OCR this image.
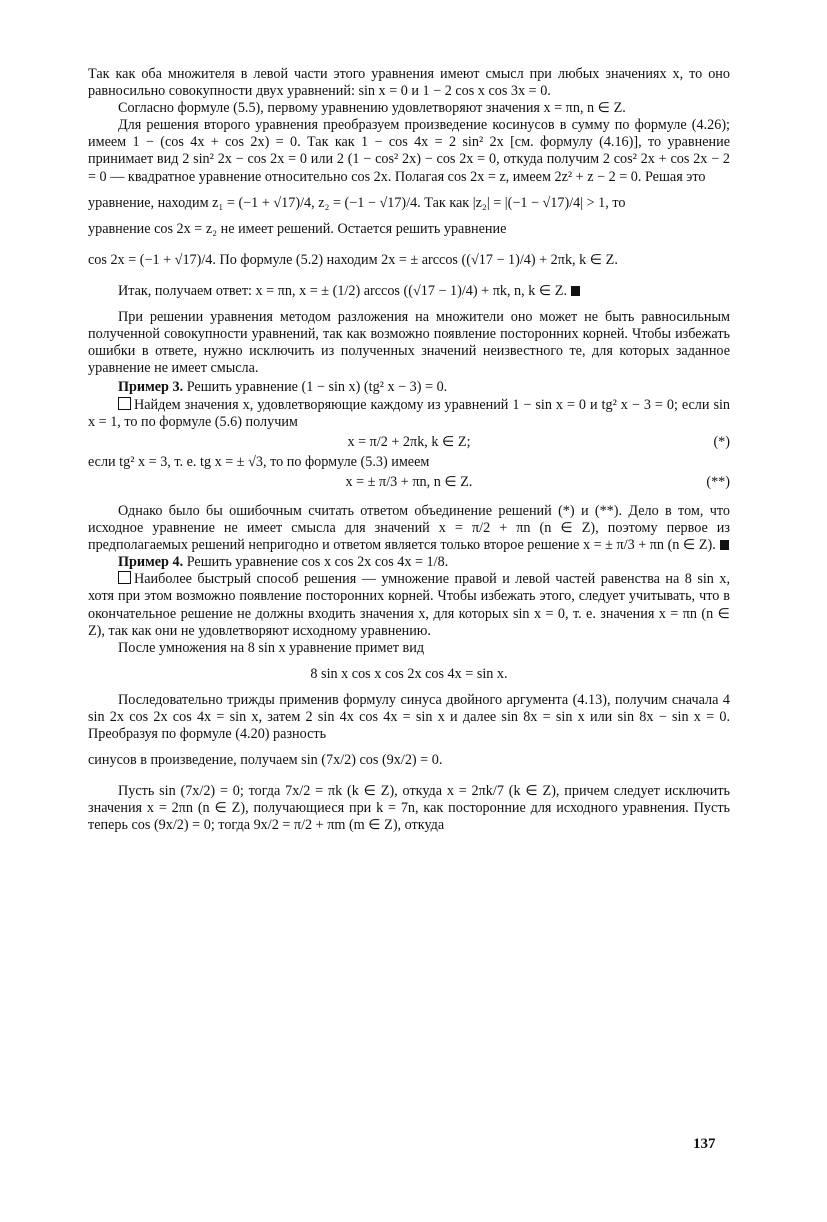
Так как оба множителя в левой части этого уравнения имеют смысл при любых значениях x, то оно равносильно совокупности двух уравнений: sin x = 0 и 1 − 2 cos x cos 3x = 0.

Согласно формуле (5.5), первому уравнению удовлетворяют значения x = πn, n ∈ Z.

Для решения второго уравнения преобразуем произведение косинусов в сумму по формуле (4.26); имеем 1 − (cos 4x + cos 2x) = 0. Так как 1 − cos 4x = 2 sin² 2x [см. формулу (4.16)], то уравнение принимает вид 2 sin² 2x − cos 2x = 0 или 2 (1 − cos² 2x) − cos 2x = 0, откуда получим 2 cos² 2x + cos 2x − 2 = 0 — квадратное уравнение относительно cos 2x. Полагая cos 2x = z, имеем 2z² + z − 2 = 0. Решая это

уравнение, находим z₁ = (−1 + √17)/4, z₂ = (−1 − √17)/4. Так как |z₂| = |(−1 − √17)/4| > 1, то

уравнение cos 2x = z₂ не имеет решений. Остается решить уравнение

cos 2x = (−1 + √17)/4. По формуле (5.2) находим 2x = ± arccos ((√17 − 1)/4) + 2πk, k ∈ Z.

Итак, получаем ответ: x = πn, x = ± (1/2) arccos ((√17 − 1)/4) + πk, n, k ∈ Z.

При решении уравнения методом разложения на множители оно может не быть равносильным полученной совокупности уравнений, так как возможно появление посторонних корней. Чтобы избежать ошибки в ответе, нужно исключить из полученных значений неизвестного те, для которых заданное уравнение не имеет смысла.

Пример 3. Решить уравнение (1 − sin x) (tg² x − 3) = 0.

Найдем значения x, удовлетворяющие каждому из уравнений 1 − sin x = 0 и tg² x − 3 = 0; если sin x = 1, то по формуле (5.6) получим

x = π/2 + 2πk, k ∈ Z;	(*)

если tg² x = 3, т. е. tg x = ± √3, то по формуле (5.3) имеем

x = ± π/3 + πn, n ∈ Z.	(**)

Однако было бы ошибочным считать ответом объединение решений (*) и (**). Дело в том, что исходное уравнение не имеет смысла для значений x = π/2 + πn (n ∈ Z), поэтому первое из предполагаемых решений непригодно и ответом является только второе решение x = ± π/3 + πn (n ∈ Z).

Пример 4. Решить уравнение cos x cos 2x cos 4x = 1/8.

Наиболее быстрый способ решения — умножение правой и левой частей равенства на 8 sin x, хотя при этом возможно появление посторонних корней. Чтобы избежать этого, следует учитывать, что в окончательное решение не должны входить значения x, для которых sin x = 0, т. е. значения x = πn (n ∈ Z), так как они не удовлетворяют исходному уравнению.

После умножения на 8 sin x уравнение примет вид

8 sin x cos x cos 2x cos 4x = sin x.

Последовательно трижды применив формулу синуса двойного аргумента (4.13), получим сначала 4 sin 2x cos 2x cos 4x = sin x, затем 2 sin 4x cos 4x = sin x и далее sin 8x = sin x или sin 8x − sin x = 0. Преобразуя по формуле (4.20) разность

синусов в произведение, получаем sin (7x/2) cos (9x/2) = 0.

Пусть sin (7x/2) = 0; тогда 7x/2 = πk (k ∈ Z), откуда x = 2πk/7 (k ∈ Z), причем следует исключить значения x = 2πn (n ∈ Z), получающиеся при k = 7n, как посторонние для исходного уравнения. Пусть теперь cos (9x/2) = 0; тогда 9x/2 = π/2 + πm (m ∈ Z), откуда

137
